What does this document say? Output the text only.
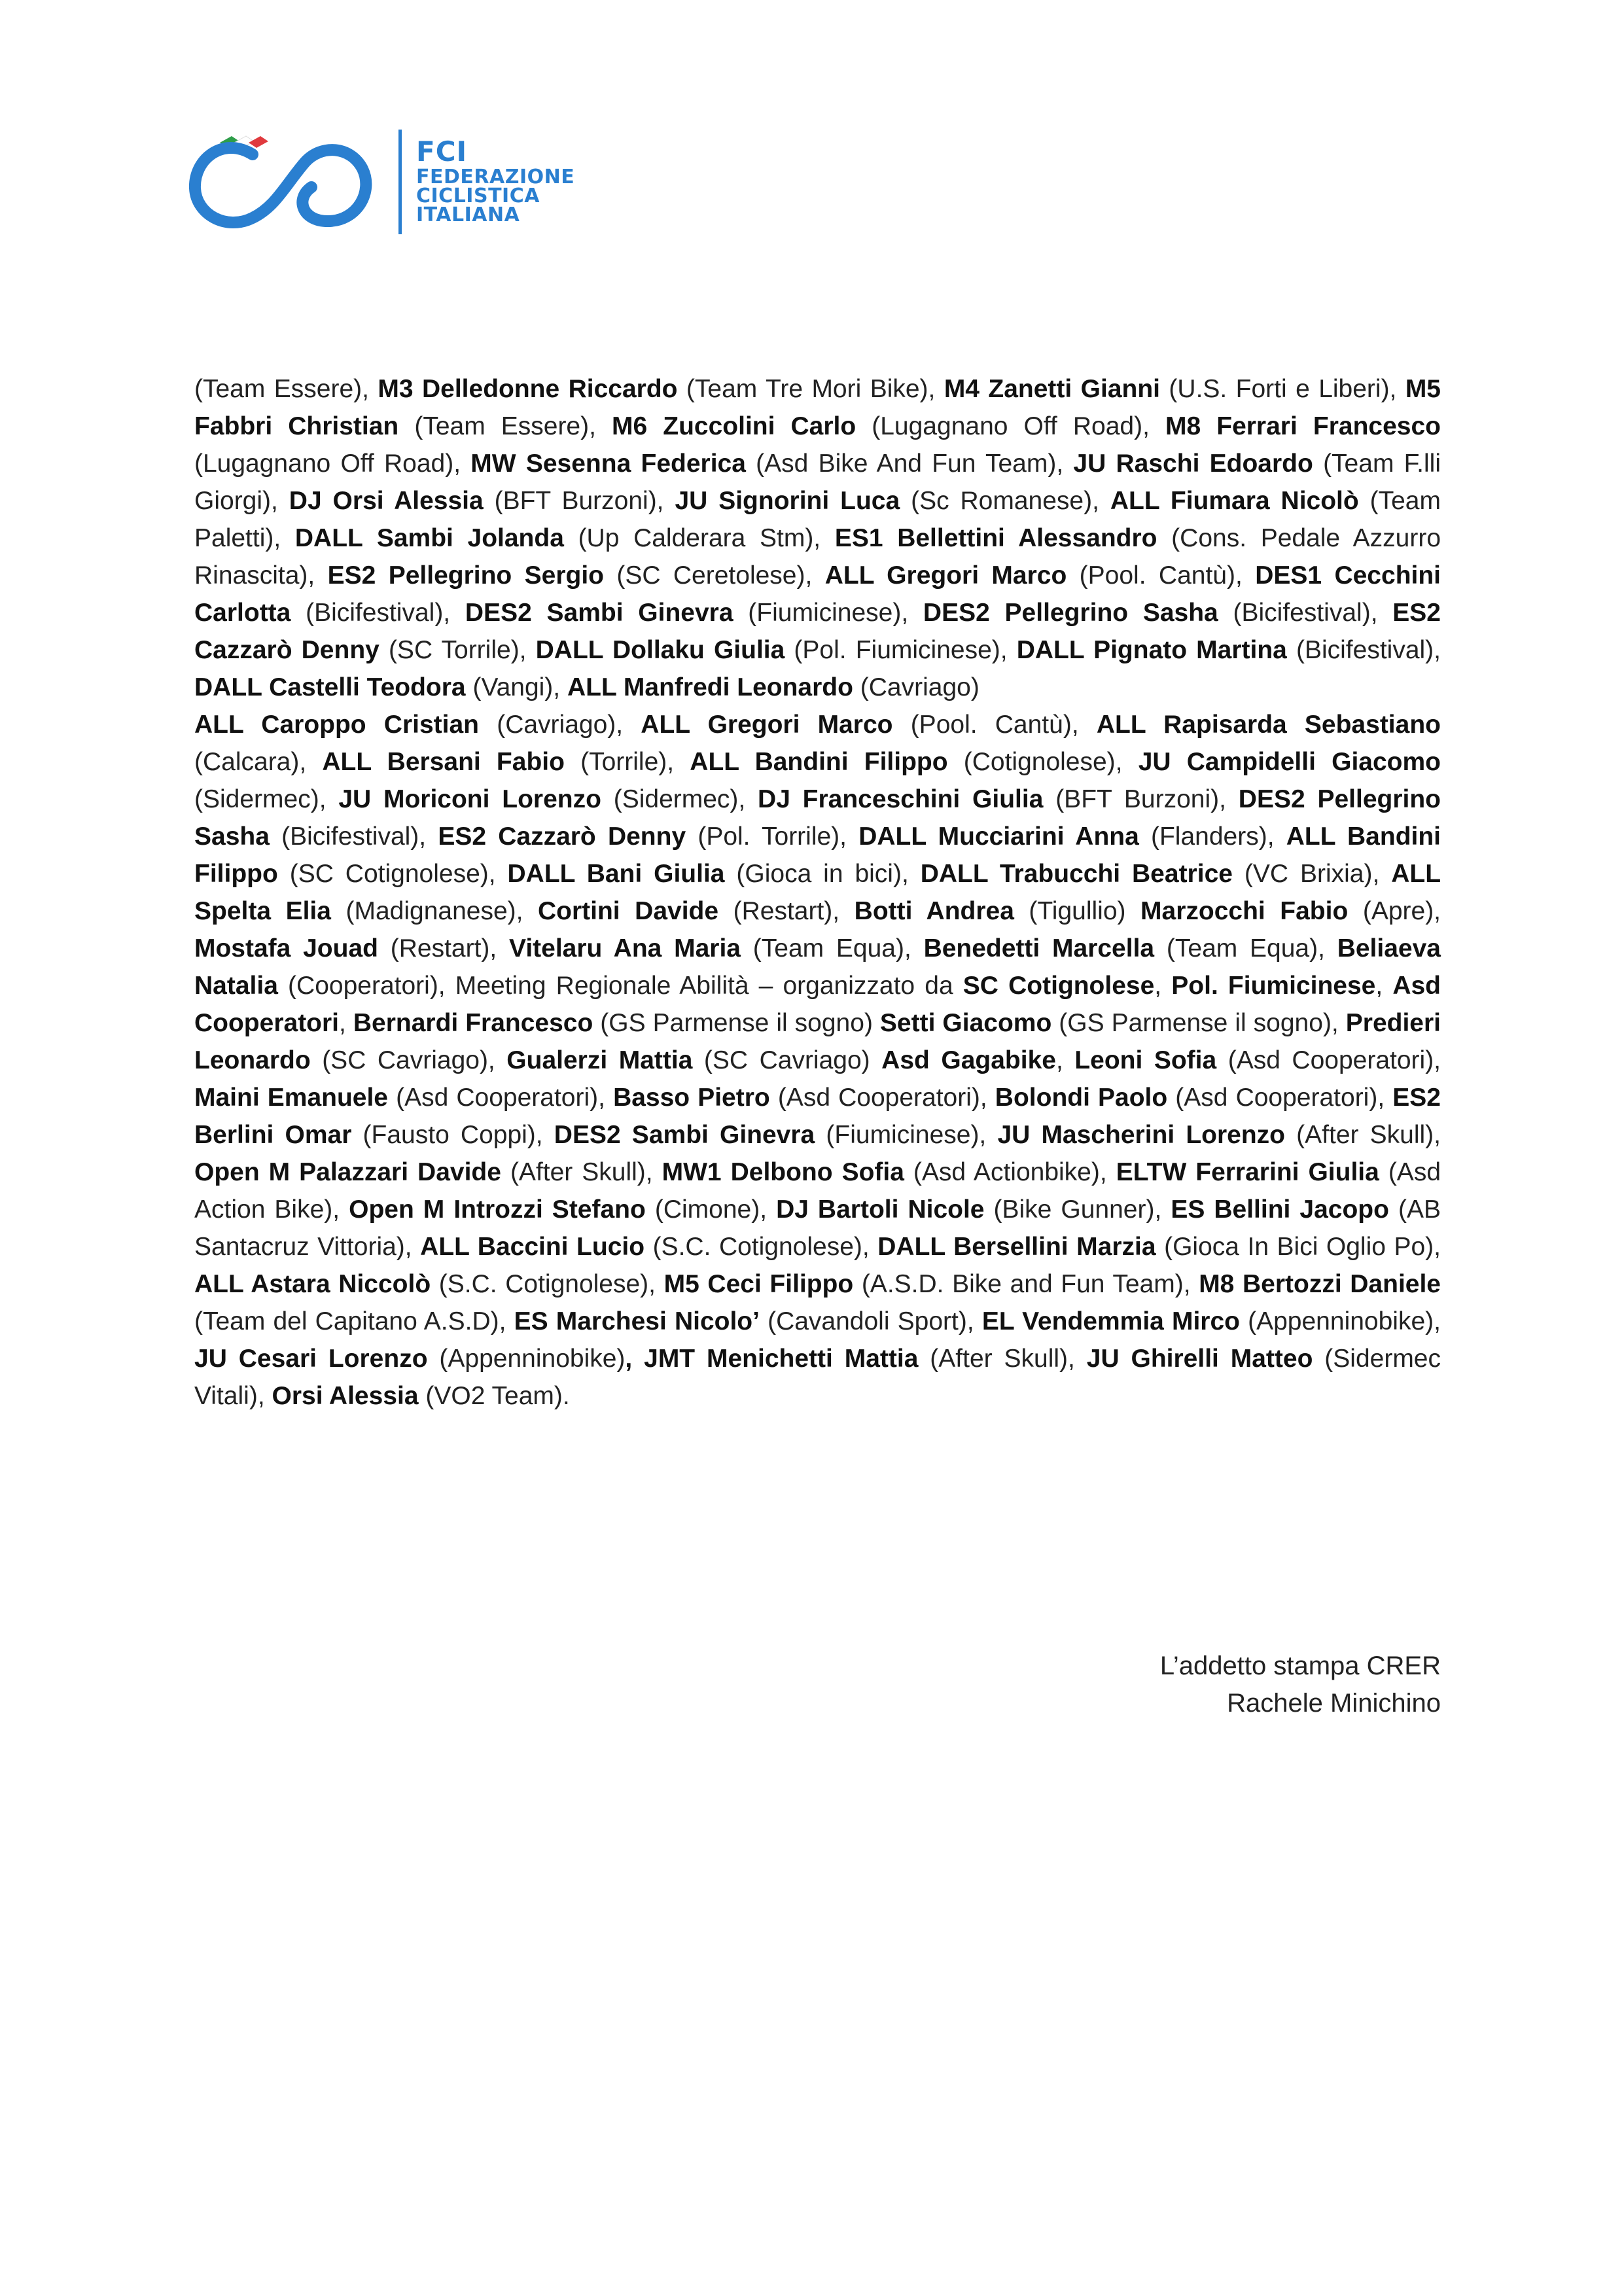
FCI
FEDERAZIONE
CICLISTICA
ITALIANA

(Team Essere), M3 Delledonne Riccardo (Team Tre Mori Bike), M4 Zanetti Gianni (U.S. Forti e Liberi), M5 Fabbri Christian (Team Essere), M6 Zuccolini Carlo (Lugagnano Off Road), M8 Ferrari Francesco (Lugagnano Off Road), MW Sesenna Federica (Asd Bike And Fun Team), JU Raschi Edoardo (Team F.lli Giorgi), DJ Orsi Alessia (BFT Burzoni), JU Signorini Luca (Sc Romanese), ALL Fiumara Nicolò (Team Paletti), DALL Sambi Jolanda (Up Calderara Stm), ES1 Bellettini Alessandro (Cons. Pedale Azzurro Rinascita), ES2 Pellegrino Sergio (SC Ceretolese), ALL Gregori Marco (Pool. Cantù), DES1 Cecchini Carlotta (Bicifestival), DES2 Sambi Ginevra (Fiumicinese), DES2 Pellegrino Sasha (Bicifestival), ES2 Cazzarò Denny (SC Torrile), DALL Dollaku Giulia (Pol. Fiumicinese), DALL Pignato Martina (Bicifestival), DALL Castelli Teodora (Vangi), ALL Manfredi Leonardo (Cavriago)
ALL Caroppo Cristian (Cavriago), ALL Gregori Marco (Pool. Cantù), ALL Rapisarda Sebastiano (Calcara), ALL Bersani Fabio (Torrile), ALL Bandini Filippo (Cotignolese), JU Campidelli Giacomo (Sidermec), JU Moriconi Lorenzo (Sidermec), DJ Franceschini Giulia (BFT Burzoni), DES2 Pellegrino Sasha (Bicifestival), ES2 Cazzarò Denny (Pol. Torrile), DALL Mucciarini Anna (Flanders), ALL Bandini Filippo (SC Cotignolese), DALL Bani Giulia (Gioca in bici), DALL Trabucchi Beatrice (VC Brixia), ALL Spelta Elia (Madignanese), Cortini Davide (Restart), Botti Andrea (Tigullio) Marzocchi Fabio (Apre), Mostafa Jouad (Restart), Vitelaru Ana Maria (Team Equa), Benedetti Marcella (Team Equa), Beliaeva Natalia (Cooperatori), Meeting Regionale Abilità – organizzato da SC Cotignolese, Pol. Fiumicinese, Asd Cooperatori, Bernardi Francesco (GS Parmense il sogno) Setti Giacomo (GS Parmense il sogno), Predieri Leonardo (SC Cavriago), Gualerzi Mattia (SC Cavriago) Asd Gagabike, Leoni Sofia (Asd Cooperatori), Maini Emanuele (Asd Cooperatori), Basso Pietro (Asd Cooperatori), Bolondi Paolo (Asd Cooperatori), ES2 Berlini Omar (Fausto Coppi), DES2 Sambi Ginevra (Fiumicinese), JU Mascherini Lorenzo (After Skull), Open M Palazzari Davide (After Skull), MW1 Delbono Sofia (Asd Actionbike), ELTW Ferrarini Giulia (Asd Action Bike), Open M Introzzi Stefano (Cimone), DJ Bartoli Nicole (Bike Gunner), ES Bellini Jacopo (AB Santacruz Vittoria), ALL Baccini Lucio (S.C. Cotignolese), DALL Bersellini Marzia (Gioca In Bici Oglio Po), ALL Astara Niccolò (S.C. Cotignolese), M5 Ceci Filippo (A.S.D. Bike and Fun Team), M8 Bertozzi Daniele (Team del Capitano A.S.D), ES Marchesi Nicolo’ (Cavandoli Sport), EL Vendemmia Mirco (Appenninobike), JU Cesari Lorenzo (Appenninobike), JMT Menichetti Mattia (After Skull), JU Ghirelli Matteo (Sidermec Vitali), Orsi Alessia (VO2 Team).

L’addetto stampa CRER
Rachele Minichino
